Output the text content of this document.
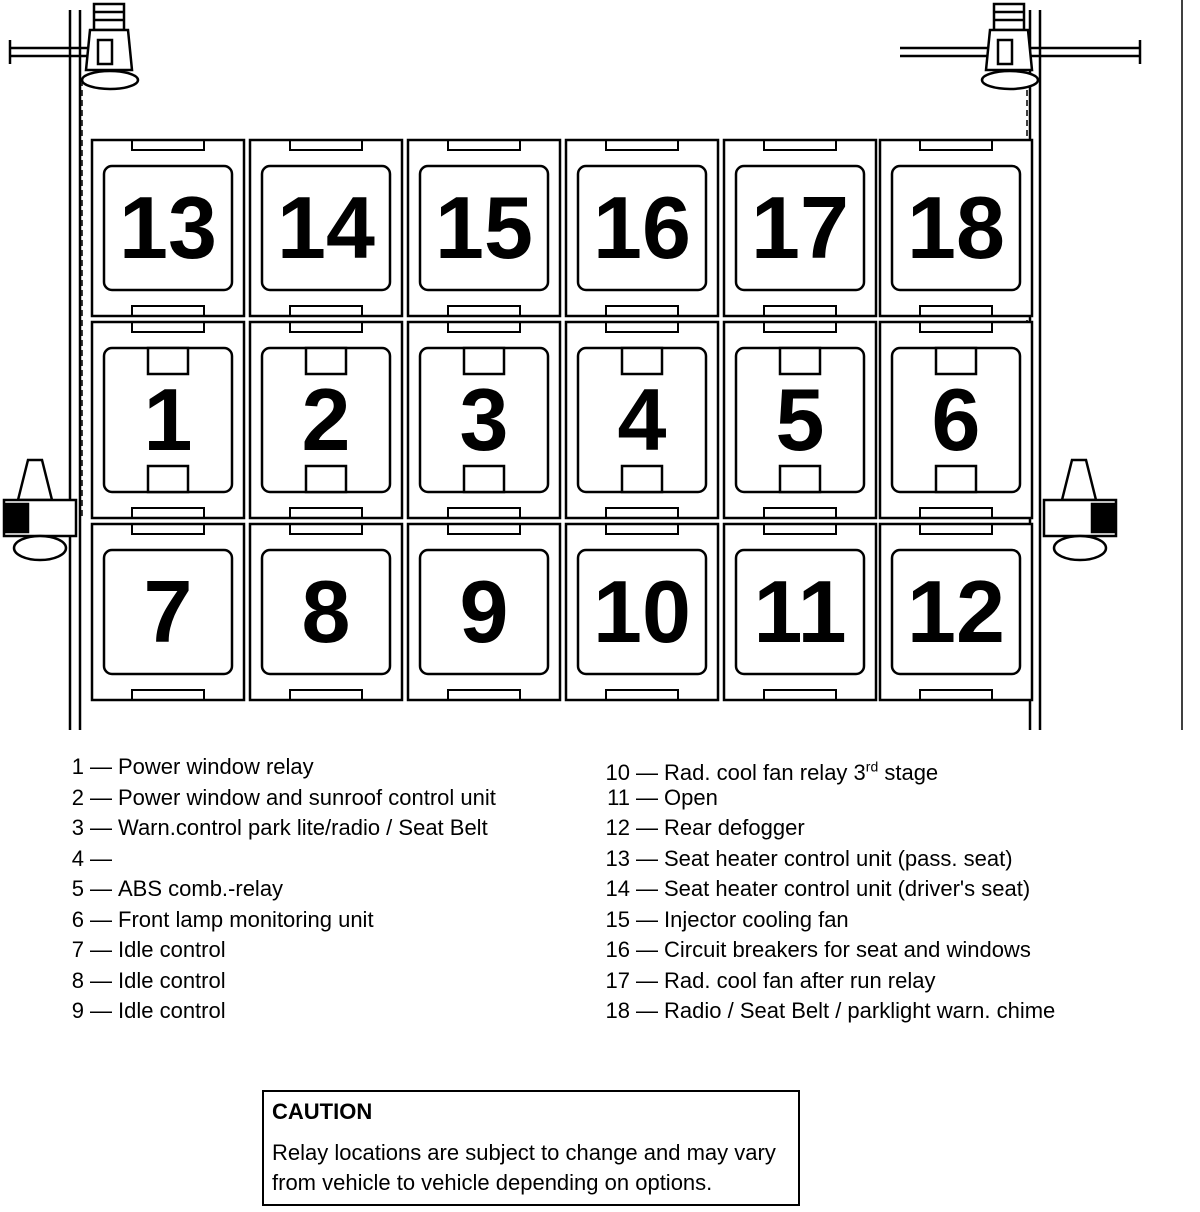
13 14 15 16 17 18
1 2 3 4 5 6
7 8 9 10 11 12
1 — Power window relay
2 — Power window and sunroof control unit
3 — Warn.control park lite/radio / Seat Belt
4 —
5 — ABS comb.-relay
6 — Front lamp monitoring unit
7 — Idle control
8 — Idle control
9 — Idle control
10 — Rad. cool fan relay 3rd stage
11 — Open
12 — Rear defogger
13 — Seat heater control unit (pass. seat)
14 — Seat heater control unit (driver's seat)
15 — Injector cooling fan
16 — Circuit breakers for seat and windows
17 — Rad. cool fan after run relay
18 — Radio / Seat Belt / parklight warn. chime
CAUTION
Relay locations are subject to change and may vary from vehicle to vehicle depending on options.
